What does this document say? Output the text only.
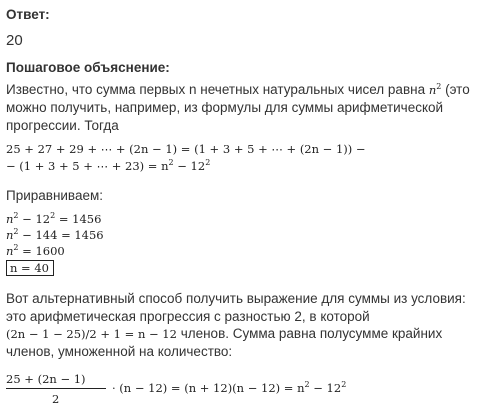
Ответ:
20
Пошаговое объяснение:
Известно, что сумма первых n нечетных натуральных чисел равна $n^2$ (это
можно получить, например, из формулы для суммы арифметической
прогрессии. Тогда
25 + 27 + 29 + ⋯ + (2n − 1) = (1 + 3 + 5 + ⋯ + (2n − 1)) −
− (1 + 3 + 5 + ⋯ + $23) = n^2 - 12^2$
Приравниваем:
$n^2 - 12^2 = 1456$
$n^2 - 144 = 1456$
$n^2 = 1600$
n = 40
Вот альтернативный способ получить выражение для суммы из условия:
это арифметическая прогрессия с разностью 2, в которой
(2n − 1 − 25)/2 + 1 = n − 12 членов. Сумма равна полусумме крайних
членов, умноженной на количество:
25 + (2n − 1)
2
· $(n - 12) = (n + 12)(n - 12) = n^2 - 12^2$
